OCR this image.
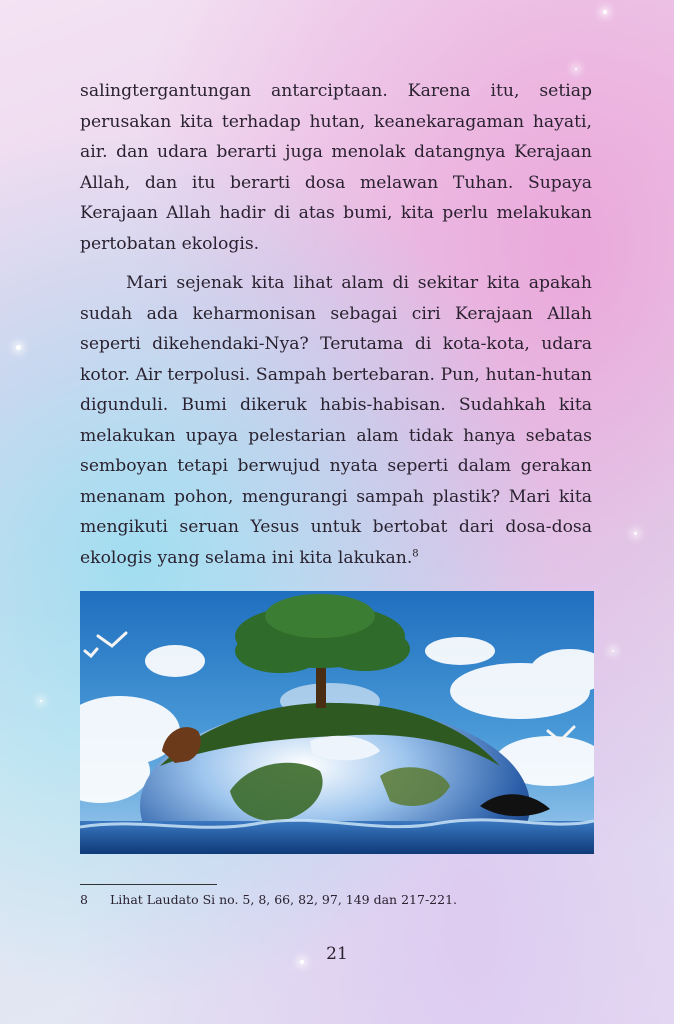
salingtergantungan antarciptaan. Karena itu, setiap perusakan kita terhadap hutan, keanekaragaman hayati, air. dan udara berarti juga menolak datangnya Kerajaan Allah, dan itu berarti dosa melawan Tuhan. Supaya Kerajaan Allah hadir di atas bumi, kita perlu melakukan pertobatan ekologis.

Mari sejenak kita lihat alam di sekitar kita apakah sudah ada keharmonisan sebagai ciri Kerajaan Allah seperti dikehendaki-Nya? Terutama di kota-kota, udara kotor. Air terpolusi. Sampah bertebaran. Pun, hutan-hutan digunduli. Bumi dikeruk habis-habisan. Sudahkah kita melakukan upaya pelestarian alam tidak hanya sebatas semboyan tetapi berwujud nyata seperti dalam gerakan menanam pohon, mengurangi sampah plastik? Mari kita mengikuti seruan Yesus untuk bertobat dari dosa-dosa ekologis yang selama ini kita lakukan.$^8$

8 Lihat Laudato Si no. 5, 8, 66, 82, 97, 149 dan 217-221.
21
